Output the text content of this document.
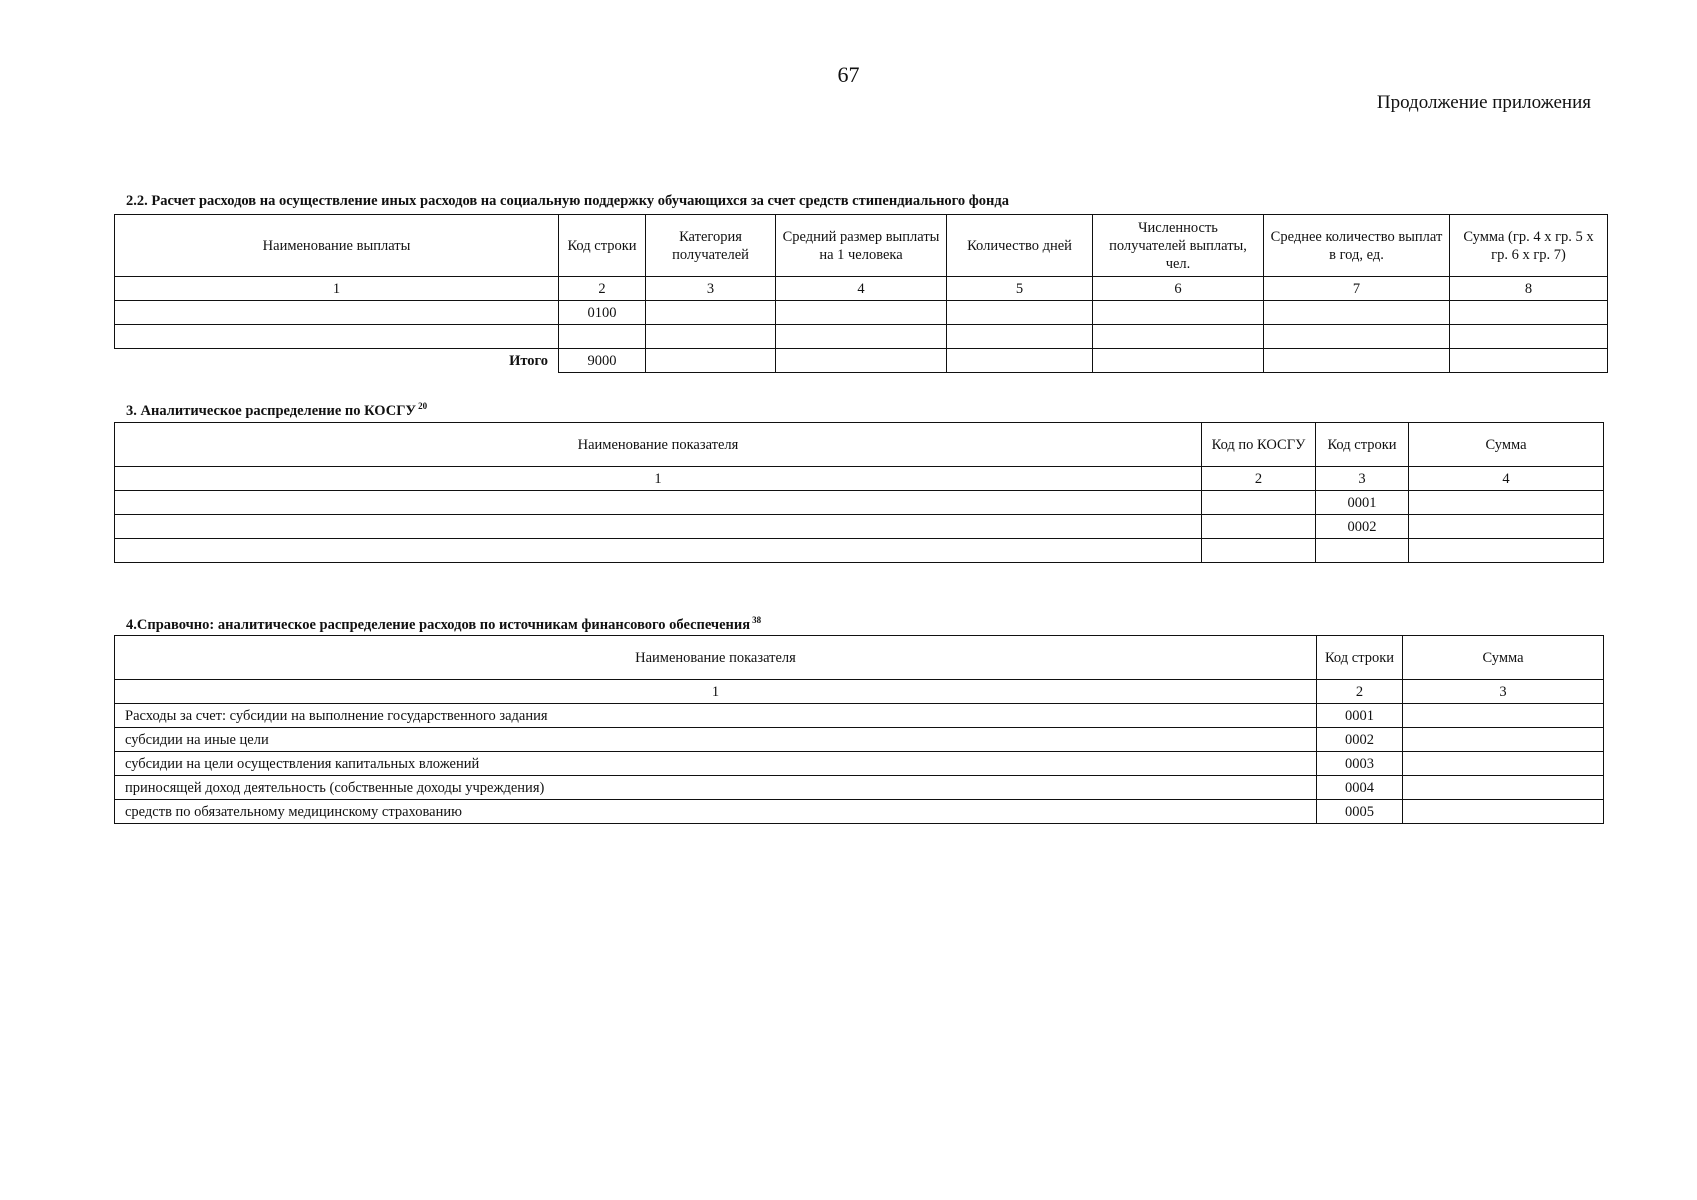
67
Продолжение приложения
2.2. Расчет расходов на осуществление иных расходов на социальную поддержку обучающихся за счет средств стипендиального фонда
Наименование выплаты	Код строки	Категория получателей	Средний размер выплаты на 1 человека	Количество дней	Численность получателей выплаты, чел.	Среднее количество выплат в год, ед.	Сумма (гр. 4 х гр. 5 х гр. 6 х гр. 7)
1	2	3	4	5	6	7	8
	0100						

Итого	9000						
3. Аналитическое распределение по КОСГУ $^{20}$
Наименование показателя	Код по КОСГУ	Код строки	Сумма
1	2	3	4
		0001	
		0002	

4.Справочно: аналитическое распределение расходов по источникам финансового обеспечения $^{38}$
Наименование показателя	Код строки	Сумма
1	2	3
Расходы за счет: субсидии на выполнение государственного задания	0001	
субсидии на иные цели	0002	
субсидии на цели осуществления капитальных вложений	0003	
приносящей доход деятельность (собственные доходы учреждения)	0004	
средств по обязательному медицинскому страхованию	0005	
